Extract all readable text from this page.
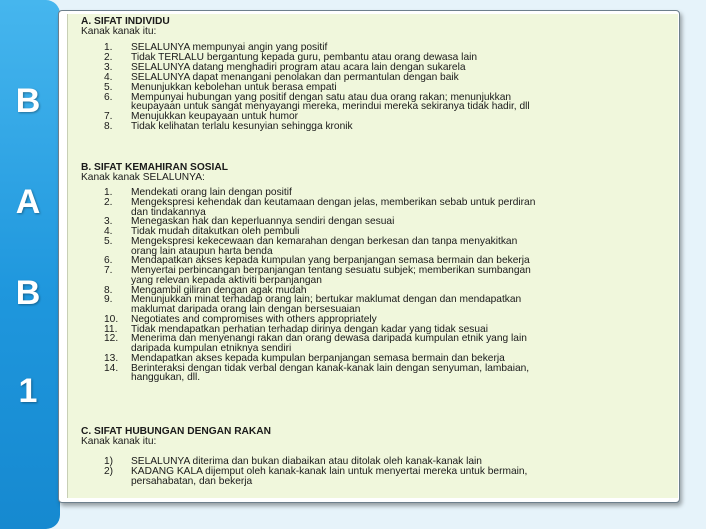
B
A
B
1
A. SIFAT INDIVIDU
Kanak kanak itu:
1. SELALUNYA mempunyai angin yang positif
2. Tidak TERLALU bergantung kepada guru, pembantu atau orang dewasa lain
3. SELALUNYA datang menghadiri program atau acara lain dengan sukarela
4. SELALUNYA dapat menangani penolakan dan permantulan dengan baik
5. Menunjukkan kebolehan untuk berasa empati
6. Mempunyai hubungan yang positif dengan satu atau dua orang rakan; menunjukkan
keupayaan untuk sangat menyayangi mereka, merindui mereka sekiranya tidak hadir, dll
7. Menujukkan keupayaan untuk humor
8. Tidak kelihatan terlalu kesunyian sehingga kronik
B. SIFAT KEMAHIRAN SOSIAL
Kanak kanak SELALUNYA:
1. Mendekati orang lain dengan positif
2. Mengekspresi kehendak dan keutamaan dengan jelas, memberikan sebab untuk perdiran
dan tindakannya
3. Menegaskan hak dan keperluannya sendiri dengan sesuai
4. Tidak mudah ditakutkan oleh pembuli
5. Mengekspresi kekecewaan dan kemarahan dengan berkesan dan tanpa menyakitkan
orang lain ataupun harta benda
6. Mendapatkan akses kepada kumpulan yang berpanjangan semasa bermain dan bekerja
7. Menyertai perbincangan berpanjangan tentang sesuatu subjek; memberikan sumbangan
yang relevan kepada aktiviti berpanjangan
8. Mengambil giliran dengan agak mudah
9. Menunjukkan minat terhadap orang lain; bertukar maklumat dengan dan mendapatkan
maklumat daripada orang lain dengan bersesuaian
10. Negotiates and compromises with others appropriately
11. Tidak mendapatkan perhatian terhadap dirinya dengan kadar yang tidak sesuai
12. Menerima dan menyenangi rakan dan orang dewasa daripada kumpulan etnik yang lain
daripada kumpulan etniknya sendiri
13. Mendapatkan akses kepada kumpulan berpanjangan semasa bermain dan bekerja
14. Berinteraksi dengan tidak verbal dengan kanak-kanak lain dengan senyuman, lambaian,
hanggukan, dll.
C. SIFAT HUBUNGAN DENGAN RAKAN
Kanak kanak itu:
1) SELALUNYA diterima dan bukan diabaikan atau ditolak oleh kanak-kanak lain
2) KADANG KALA dijemput oleh kanak-kanak lain untuk menyertai mereka untuk bermain,
persahabatan, dan bekerja
